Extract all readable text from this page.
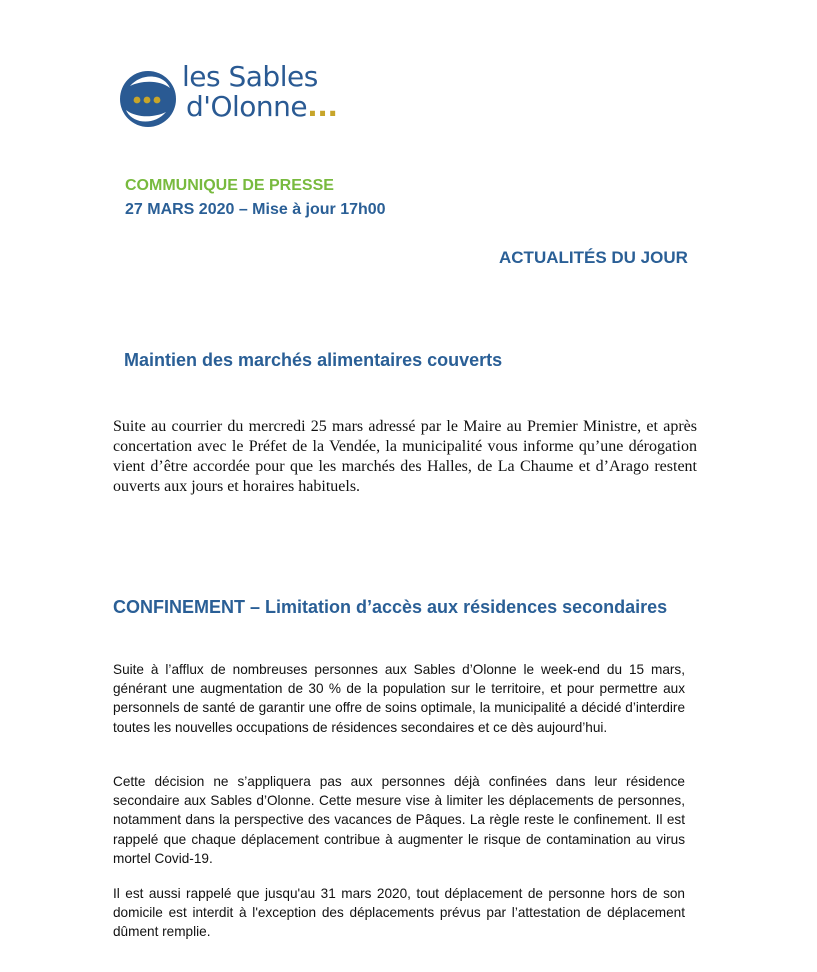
les Sables
d'Olonne...
COMMUNIQUE DE PRESSE
27 MARS 2020 – Mise à jour 17h00
ACTUALITÉS DU JOUR
Maintien des marchés alimentaires couverts
Suite au courrier du mercredi 25 mars adressé par le Maire au Premier Ministre, et après concertation avec le Préfet de la Vendée, la municipalité vous informe qu’une dérogation vient d’être accordée pour que les marchés des Halles, de La Chaume et d’Arago restent ouverts aux jours et horaires habituels.
CONFINEMENT – Limitation d’accès aux résidences secondaires
Suite à l’afflux de nombreuses personnes aux Sables d’Olonne le week-end du 15 mars, générant une augmentation de 30 % de la population sur le territoire, et pour permettre aux personnels de santé de garantir une offre de soins optimale, la municipalité a décidé d’interdire toutes les nouvelles occupations de résidences secondaires et ce dès aujourd’hui.
Cette décision ne s’appliquera pas aux personnes déjà confinées dans leur résidence secondaire aux Sables d’Olonne. Cette mesure vise à limiter les déplacements de personnes, notamment dans la perspective des vacances de Pâques. La règle reste le confinement. Il est rappelé que chaque déplacement contribue à augmenter le risque de contamination au virus mortel Covid-19.
Il est aussi rappelé que jusqu'au 31 mars 2020, tout déplacement de personne hors de son domicile est interdit à l'exception des déplacements prévus par l’attestation de déplacement dûment remplie.
